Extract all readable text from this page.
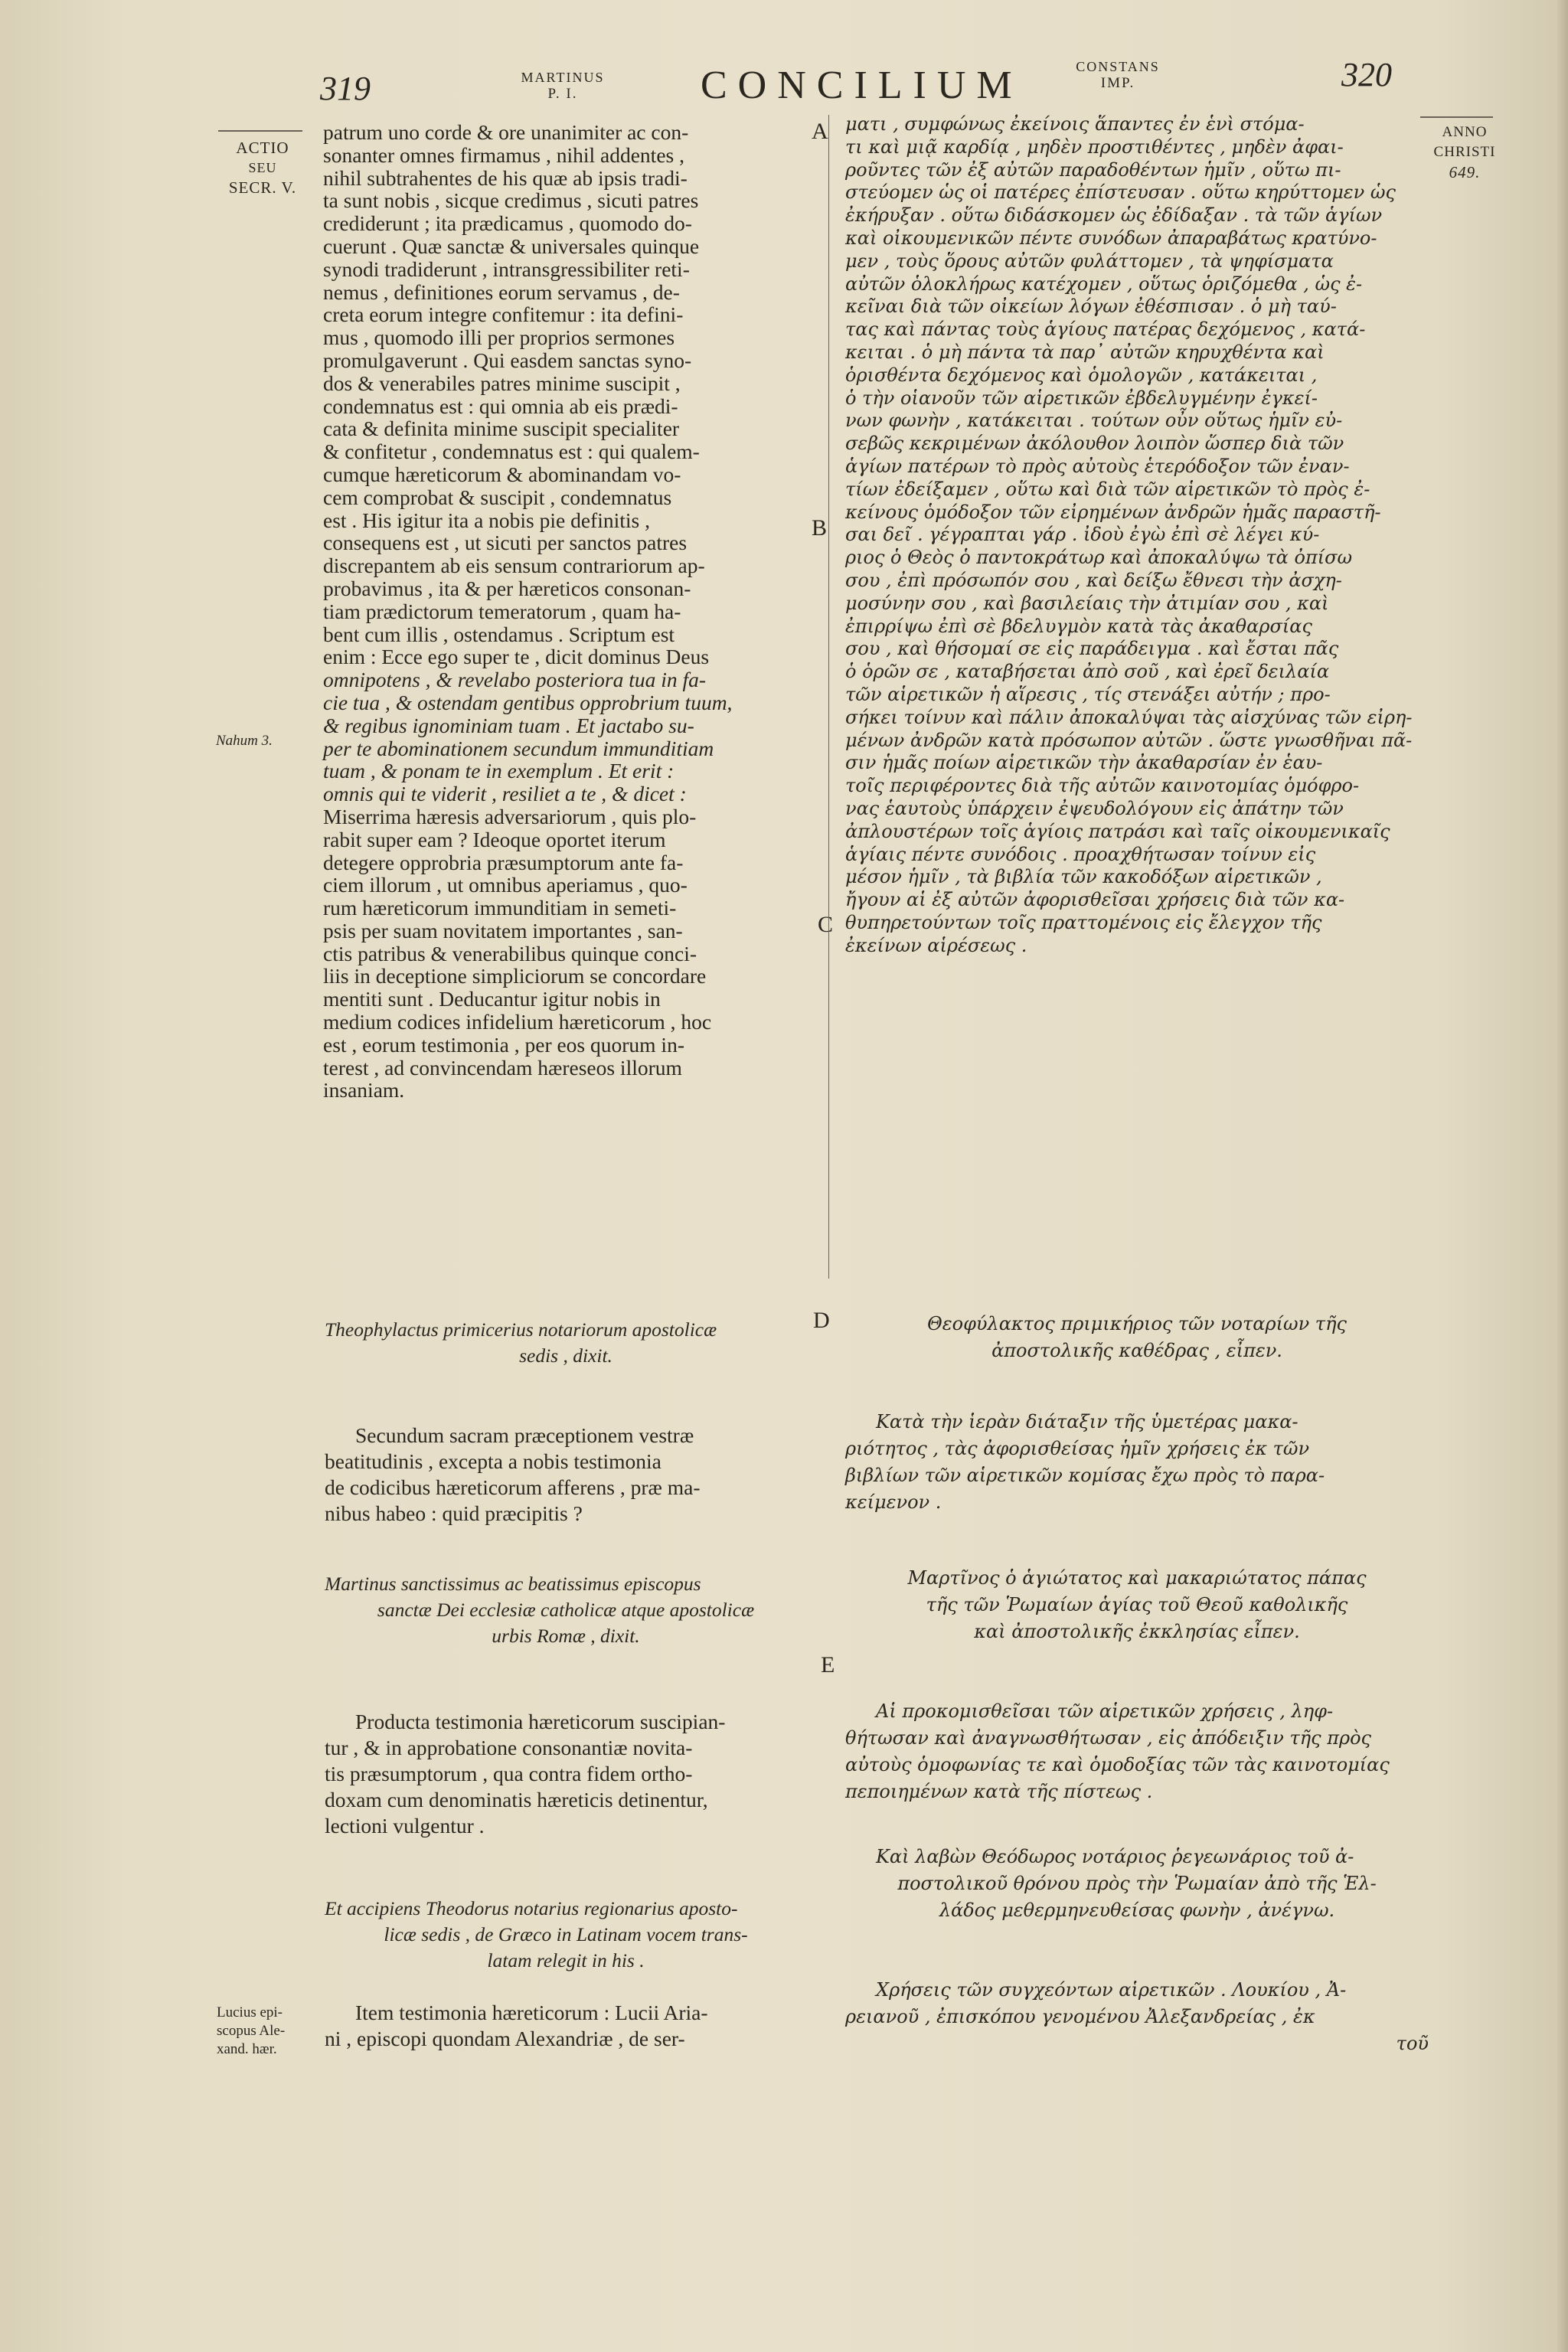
319	MARTINUS
P. I.	CONCILIUM	CONSTANS
IMP.	320
ACTIO
SEU
SECR. V.
ANNO
CHRISTI
649.
Nahum 3.
Lucius epi-
scopus Ale-
xand. hær.
A
B
C
D
E
patrum uno corde & ore unanimiter ac con-
sonanter omnes firmamus , nihil addentes ,
nihil subtrahentes de his quæ ab ipsis tradi-
ta sunt nobis , sicque credimus , sicuti patres
crediderunt ; ita prædicamus , quomodo do-
cuerunt . Quæ sanctæ & universales quinque
synodi tradiderunt , intransgressibiliter reti-
nemus , definitiones eorum servamus , de-
creta eorum integre confitemur : ita defini-
mus , quomodo illi per proprios sermones
promulgaverunt . Qui easdem sanctas syno-
dos & venerabiles patres minime suscipit ,
condemnatus est : qui omnia ab eis prædi-
cata & definita minime suscipit specialiter
& confitetur , condemnatus est : qui qualem-
cumque hæreticorum & abominandam vo-
cem comprobat & suscipit , condemnatus
est . His igitur ita a nobis pie definitis ,
consequens est , ut sicuti per sanctos patres
discrepantem ab eis sensum contrariorum ap-
probavimus , ita & per hæreticos consonan-
tiam prædictorum temeratorum , quam ha-
bent cum illis , ostendamus . Scriptum est
enim : Ecce ego super te , dicit dominus Deus
omnipotens , & revelabo posteriora tua in fa-
cie tua , & ostendam gentibus opprobrium tuum,
& regibus ignominiam tuam . Et jactabo su-
per te abominationem secundum immunditiam
tuam , & ponam te in exemplum . Et erit :
omnis qui te viderit , resiliet a te , & dicet :
Miserrima hæresis adversariorum , quis plo-
rabit super eam ? Ideoque oportet iterum
detegere opprobria præsumptorum ante fa-
ciem illorum , ut omnibus aperiamus , quo-
rum hæreticorum immunditiam in semeti-
psis per suam novitatem importantes , san-
ctis patribus & venerabilibus quinque conci-
liis in deceptione simpliciorum se concordare
mentiti sunt . Deducantur igitur nobis in
medium codices infidelium hæreticorum , hoc
est , eorum testimonia , per eos quorum in-
terest , ad convincendam hæreseos illorum
insaniam.
ματι , συμφώνως ἐκείνοις ἅπαντες ἐν ἑνὶ στόμα-
τι καὶ μιᾷ καρδίᾳ , μηδὲν προστιθέντες , μηδὲν ἀφαι-
ροῦντες τῶν ἐξ αὐτῶν παραδοθέντων ἡμῖν , οὕτω πι-
στεύομεν ὡς οἱ πατέρες ἐπίστευσαν . οὕτω κηρύττομεν ὡς
ἐκήρυξαν . οὕτω διδάσκομεν ὡς ἐδίδαξαν . τὰ τῶν ἁγίων
καὶ οἰκουμενικῶν πέντε συνόδων ἀπαραβάτως κρατύνο-
μεν , τοὺς ὅρους αὐτῶν φυλάττομεν , τὰ ψηφίσματα
αὐτῶν ὁλοκλήρως κατέχομεν , οὕτως ὁριζόμεθα , ὡς ἐ-
κεῖναι διὰ τῶν οἰκείων λόγων ἐθέσπισαν . ὁ μὴ ταύ-
τας καὶ πάντας τοὺς ἁγίους πατέρας δεχόμενος , κατά-
κειται . ὁ μὴ πάντα τὰ παρ᾽ αὐτῶν κηρυχθέντα καὶ
ὁρισθέντα δεχόμενος καὶ ὁμολογῶν , κατάκειται ,
ὁ τὴν οἱανοῦν τῶν αἱρετικῶν ἐβδελυγμένην ἐγκεί-
νων φωνὴν , κατάκειται . τούτων οὖν οὕτως ἡμῖν εὐ-
σεβῶς κεκριμένων ἀκόλουθον λοιπὸν ὥσπερ διὰ τῶν
ἁγίων πατέρων τὸ πρὸς αὐτοὺς ἑτερόδοξον τῶν ἐναν-
τίων ἐδείξαμεν , οὕτω καὶ διὰ τῶν αἱρετικῶν τὸ πρὸς ἐ-
κείνους ὁμόδοξον τῶν εἰρημένων ἀνδρῶν ἡμᾶς παραστῆ-
σαι δεῖ . γέγραπται γάρ . ἰδοὺ ἐγὼ ἐπὶ σὲ λέγει κύ-
ριος ὁ Θεὸς ὁ παντοκράτωρ καὶ ἀποκαλύψω τὰ ὀπίσω
σου , ἐπὶ πρόσωπόν σου , καὶ δείξω ἔθνεσι τὴν ἀσχη-
μοσύνην σου , καὶ βασιλείαις τὴν ἀτιμίαν σου , καὶ
ἐπιρρίψω ἐπὶ σὲ βδελυγμὸν κατὰ τὰς ἀκαθαρσίας
σου , καὶ θήσομαί σε εἰς παράδειγμα . καὶ ἔσται πᾶς
ὁ ὁρῶν σε , καταβήσεται ἀπὸ σοῦ , καὶ ἐρεῖ δειλαία
τῶν αἱρετικῶν ἡ αἵρεσις , τίς στενάξει αὐτήν ; προ-
σήκει τοίνυν καὶ πάλιν ἀποκαλύψαι τὰς αἰσχύνας τῶν εἰρη-
μένων ἀνδρῶν κατὰ πρόσωπον αὐτῶν . ὥστε γνωσθῆναι πᾶ-
σιν ἡμᾶς ποίων αἱρετικῶν τὴν ἀκαθαρσίαν ἐν ἑαυ-
τοῖς περιφέροντες διὰ τῆς αὐτῶν καινοτομίας ὁμόφρο-
νας ἑαυτοὺς ὑπάρχειν ἐψευδολόγουν εἰς ἀπάτην τῶν
ἀπλουστέρων τοῖς ἁγίοις πατράσι καὶ ταῖς οἰκουμενικαῖς
ἁγίαις πέντε συνόδοις . προαχθήτωσαν τοίνυν εἰς
μέσον ἡμῖν , τὰ βιβλία τῶν κακοδόξων αἱρετικῶν ,
ἤγουν αἱ ἐξ αὐτῶν ἀφορισθεῖσαι χρήσεις διὰ τῶν κα-
θυπηρετούντων τοῖς πραττομένοις εἰς ἔλεγχον τῆς
ἐκείνων αἱρέσεως .
Theophylactus primicerius notariorum apostolicæ
sedis , dixit.
Θεοφύλακτος πριμικήριος τῶν νοταρίων τῆς
ἀποστολικῆς καθέδρας , εἶπεν.
Secundum sacram præceptionem vestræ
beatitudinis , excepta a nobis testimonia
de codicibus hæreticorum afferens , præ ma-
nibus habeo : quid præcipitis ?
Κατὰ τὴν ἱερὰν διάταξιν τῆς ὑμετέρας μακα-
ριότητος , τὰς ἀφορισθείσας ἡμῖν χρήσεις ἐκ τῶν
βιβλίων τῶν αἱρετικῶν κομίσας ἔχω πρὸς τὸ παρα-
κείμενον .
Martinus sanctissimus ac beatissimus episcopus
sanctæ Dei ecclesiæ catholicæ atque apostolicæ
urbis Romæ , dixit.
Μαρτῖνος ὁ ἁγιώτατος καὶ μακαριώτατος πάπας
τῆς τῶν Ῥωμαίων ἁγίας τοῦ Θεοῦ καθολικῆς
καὶ ἀποστολικῆς ἐκκλησίας εἶπεν.
Producta testimonia hæreticorum suscipian-
tur , & in approbatione consonantiæ novita-
tis præsumptorum , qua contra fidem ortho-
doxam cum denominatis hæreticis detinentur,
lectioni vulgentur .
Αἱ προκομισθεῖσαι τῶν αἱρετικῶν χρήσεις , ληφ-
θήτωσαν καὶ ἀναγνωσθήτωσαν , εἰς ἀπόδειξιν τῆς πρὸς
αὐτοὺς ὁμοφωνίας τε καὶ ὁμοδοξίας τῶν τὰς καινοτομίας
πεποιημένων κατὰ τῆς πίστεως .
Et accipiens Theodorus notarius regionarius aposto-
licæ sedis , de Græco in Latinam vocem trans-
latam relegit in his .
Καὶ λαβὼν Θεόδωρος νοτάριος ῥεγεωνάριος τοῦ ἀ-
ποστολικοῦ θρόνου πρὸς τὴν Ῥωμαίαν ἀπὸ τῆς Ἑλ-
λάδος μεθερμηνευθείσας φωνὴν , ἀνέγνω.
Item testimonia hæreticorum : Lucii Aria-
ni , episcopi quondam Alexandriæ , de ser-
Χρήσεις τῶν συγχεόντων αἱρετικῶν . Λουκίου , Ἀ-
ρειανοῦ , ἐπισκόπου γενομένου Ἀλεξανδρείας , ἐκ
τοῦ
